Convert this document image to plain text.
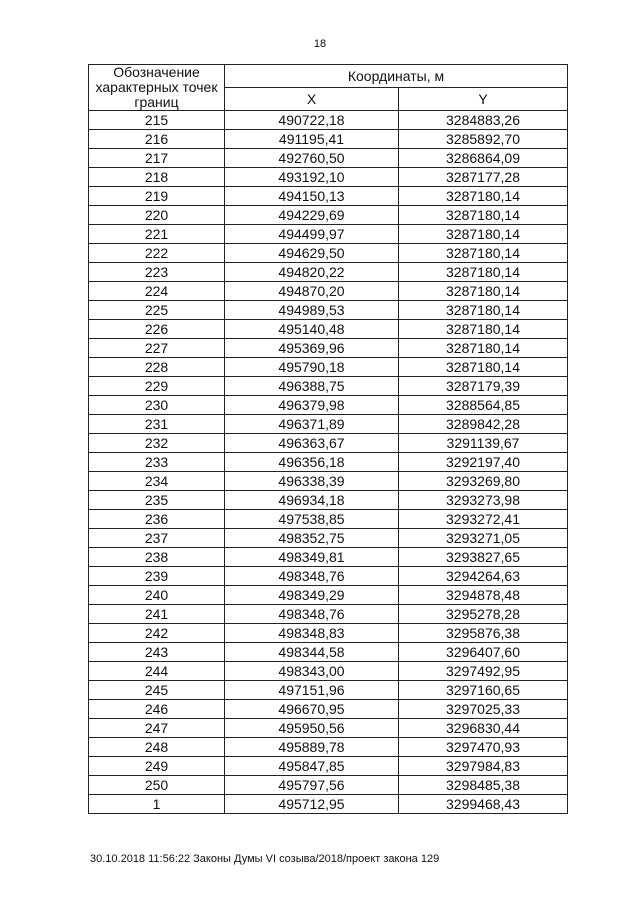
18
Обозначение характерных точек границ	Координаты, м	
	X	Y
215	490722,18	3284883,26
216	491195,41	3285892,70
217	492760,50	3286864,09
218	493192,10	3287177,28
219	494150,13	3287180,14
220	494229,69	3287180,14
221	494499,97	3287180,14
222	494629,50	3287180,14
223	494820,22	3287180,14
224	494870,20	3287180,14
225	494989,53	3287180,14
226	495140,48	3287180,14
227	495369,96	3287180,14
228	495790,18	3287180,14
229	496388,75	3287179,39
230	496379,98	3288564,85
231	496371,89	3289842,28
232	496363,67	3291139,67
233	496356,18	3292197,40
234	496338,39	3293269,80
235	496934,18	3293273,98
236	497538,85	3293272,41
237	498352,75	3293271,05
238	498349,81	3293827,65
239	498348,76	3294264,63
240	498349,29	3294878,48
241	498348,76	3295278,28
242	498348,83	3295876,38
243	498344,58	3296407,60
244	498343,00	3297492,95
245	497151,96	3297160,65
246	496670,95	3297025,33
247	495950,56	3296830,44
248	495889,78	3297470,93
249	495847,85	3297984,83
250	495797,56	3298485,38
1	495712,95	3299468,43
30.10.2018 11:56:22 Законы Думы VI созыва/2018/проект закона 129
